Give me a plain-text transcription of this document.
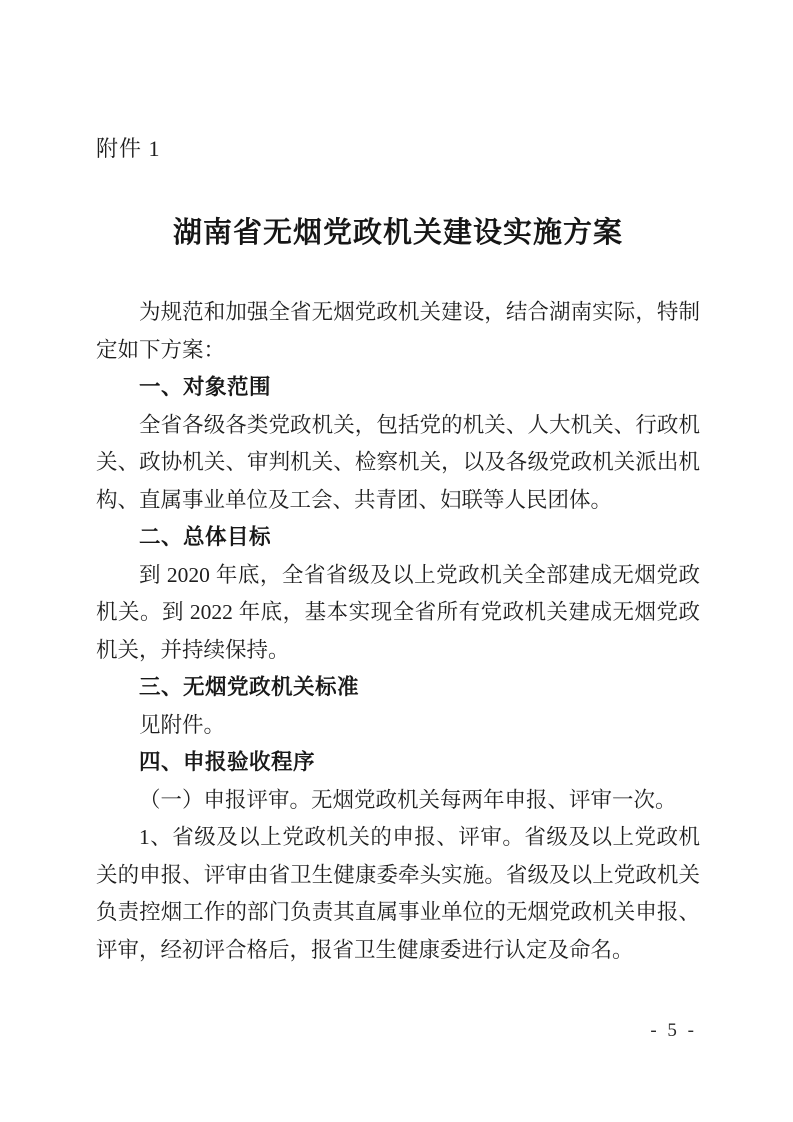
附件 1
湖南省无烟党政机关建设实施方案

为规范和加强全省无烟党政机关建设，结合湖南实际，特制定如下方案：

一、对象范围

全省各级各类党政机关，包括党的机关、人大机关、行政机关、政协机关、审判机关、检察机关，以及各级党政机关派出机构、直属事业单位及工会、共青团、妇联等人民团体。

二、总体目标

到 2020 年底，全省省级及以上党政机关全部建成无烟党政机关。到 2022 年底，基本实现全省所有党政机关建成无烟党政机关，并持续保持。

三、无烟党政机关标准

见附件。

四、申报验收程序

（一）申报评审。无烟党政机关每两年申报、评审一次。

1、省级及以上党政机关的申报、评审。省级及以上党政机关的申报、评审由省卫生健康委牵头实施。省级及以上党政机关负责控烟工作的部门负责其直属事业单位的无烟党政机关申报、评审，经初评合格后，报省卫生健康委进行认定及命名。

- 5 -
